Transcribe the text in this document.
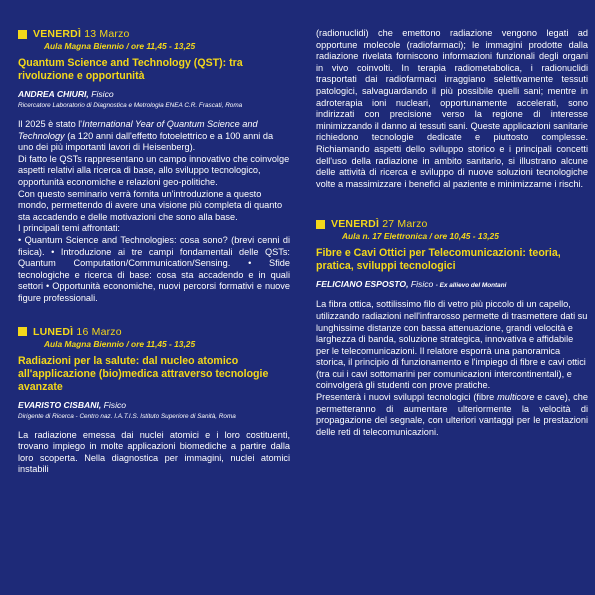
VENERDÌ 13 Marzo
Aula Magna Biennio / ore 11,45 - 13,25
Quantum Science and Technology (QST): tra rivoluzione e opportunità
ANDREA CHIURI, Fisico
Ricercatore Laboratorio di Diagnostica e Metrologia ENEA C.R. Frascati, Roma

Il 2025 è stato l'International Year of Quantum Science and Technology (a 120 anni dall'effetto fotoelettrico e a 100 anni da uno dei più importanti lavori di Heisenberg).

Di fatto le QSTs rappresentano un campo innovativo che coinvolge aspetti relativi alla ricerca di base, allo sviluppo tecnologico, opportunità economiche e relazioni geo-politiche.

Con questo seminario verrà fornita un'introduzione a questo mondo, permettendo di avere una visione più completa di quanto sta accadendo e delle motivazioni che sono alla base.

I principali temi affrontati:

• Quantum Science and Technologies: cosa sono? (brevi cenni di fisica). • Introduzione ai tre campi fondamentali delle QSTs: Quantum Computation/Communication/Sensing. • Sfide tecnologiche e ricerca di base: cosa sta accadendo e in quali settori • Opportunità economiche, nuovi percorsi formativi e nuove figure professionali.

LUNEDÌ 16 Marzo
Aula Magna Biennio / ore 11,45 - 13,25
Radiazioni per la salute: dal nucleo atomico all'applicazione (bio)medica attraverso tecnologie avanzate
EVARISTO CISBANI, Fisico
Dirigente di Ricerca - Centro naz. I.A.T.I.S. Istituto Superiore di Sanità, Roma

La radiazione emessa dai nuclei atomici e i loro costituenti, trovano impiego in molte applicazioni biomediche a partire dalla loro scoperta. Nella diagnostica per immagini, nuclei atomici instabili

(radionuclidi) che emettono radiazione vengono legati ad opportune molecole (radiofarmaci); le immagini prodotte dalla radiazione rivelata forniscono informazioni funzionali degli organi in vivo coinvolti. In terapia radiometabolica, i radionuclidi trasportati dai radiofarmaci irraggiano selettivamente tessuti patologici, salvaguardando il più possibile quelli sani; mentre in adroterapia ioni nucleari, opportunamente accelerati, sono indirizzati con precisione verso la regione di interesse minimizzando il danno ai tessuti sani. Queste applicazioni sanitarie richiedono tecnologie dedicate e piuttosto complesse. Richiamando aspetti dello sviluppo storico e i principali concetti dell'uso della radiazione in ambito sanitario, si illustrano alcune delle attività di ricerca e sviluppo di nuove soluzioni tecnologiche volte a massimizzare i benefici al paziente e minimizzarne i rischi.

VENERDÌ 27 Marzo
Aula n. 17 Elettronica / ore 10,45 - 13,25
Fibre e Cavi Ottici per Telecomunicazioni: teoria, pratica, sviluppi tecnologici
FELICIANO ESPOSTO, Fisico - Ex allievo del Montani

La fibra ottica, sottilissimo filo di vetro più piccolo di un capello, utilizzando radiazioni nell'infrarosso permette di trasmettere dati su lunghissime distanze con bassa attenuazione, grandi velocità e larghezza di banda, soluzione strategica, innovativa e affidabile per le telecomunicazioni. Il relatore esporrà una panoramica storica, il principio di funzionamento e l'impiego di fibre e cavi ottici (tra cui i cavi sottomarini per comunicazioni intercontinentali), e coinvolgerà gli studenti con prove pratiche.

Presenterà i nuovi sviluppi tecnologici (fibre multicore e cave), che permetteranno di aumentare ulteriormente la velocità di propagazione del segnale, con ulteriori vantaggi per le prestazioni delle reti di telecomunicazioni.
